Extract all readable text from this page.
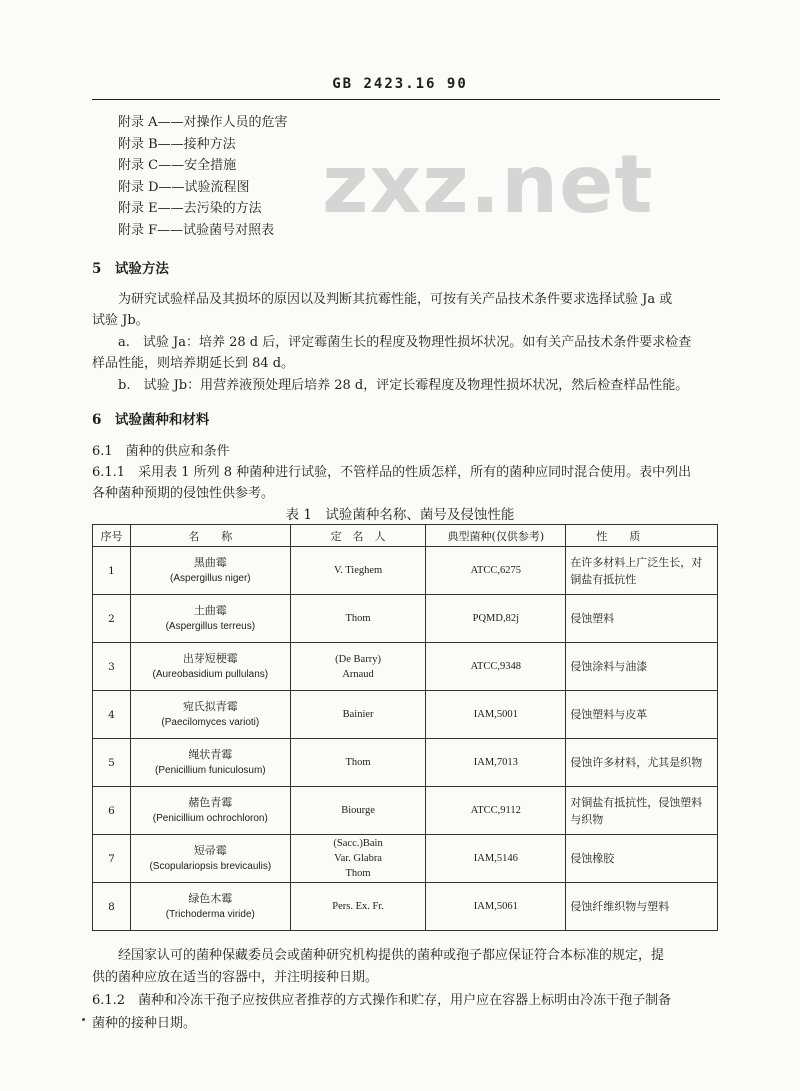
GB 2423.16 90
zxz.net
附录 A——对操作人员的危害
附录 B——接种方法
附录 C——安全措施
附录 D——试验流程图
附录 E——去污染的方法
附录 F——试验菌号对照表
5　试验方法
为研究试验样品及其损坏的原因以及判断其抗霉性能，可按有关产品技术条件要求选择试验 Ja 或
试验 Jb。
a.　试验 Ja：培养 28 d 后，评定霉菌生长的程度及物理性损坏状况。如有关产品技术条件要求检查
样品性能，则培养期延长到 84 d。
b.　试验 Jb：用营养液预处理后培养 28 d，评定长霉程度及物理性损坏状况，然后检查样品性能。
6　试验菌种和材料
6.1　菌种的供应和条件
6.1.1　采用表 1 所列 8 种菌种进行试验，不管样品的性质怎样，所有的菌种应同时混合使用。表中列出
各种菌种预期的侵蚀性供参考。
表 1　试验菌种名称、菌号及侵蚀性能
序号	名　　称	定　名　人	典型菌种(仅供参考)	性　　质
1	黑曲霉
(Aspergillus niger)	V. Tieghem	ATCC,6275	在许多材料上广泛生长，对铜盐有抵抗性
2	土曲霉
(Aspergillus terreus)	Thom	PQMD,82j	侵蚀塑料
3	出芽短梗霉
(Aureobasidium pullulans)	(De Barry)
Arnaud	ATCC,9348	侵蚀涂料与油漆
4	宛氏拟青霉
(Paecilomyces varioti)	Bainier	IAM,5001	侵蚀塑料与皮革
5	绳状青霉
(Penicillium funiculosum)	Thom	IAM,7013	侵蚀许多材料，尤其是织物
6	赭色青霉
(Penicillium ochrochloron)	Biourge	ATCC,9112	对铜盐有抵抗性，侵蚀塑料与织物
7	短帚霉
(Scopulariopsis brevicaulis)	(Sacc.)Bain
Var. Glabra
Thom	IAM,5146	侵蚀橡胶
8	绿色木霉
(Trichoderma viride)	Pers. Ex. Fr.	IAM,5061	侵蚀纤维织物与塑料
经国家认可的菌种保藏委员会或菌种研究机构提供的菌种或孢子都应保证符合本标准的规定，提
供的菌种应放在适当的容器中，并注明接种日期。
6.1.2　菌种和冷冻干孢子应按供应者推荐的方式操作和贮存，用户应在容器上标明由冷冻干孢子制备
菌种的接种日期。
